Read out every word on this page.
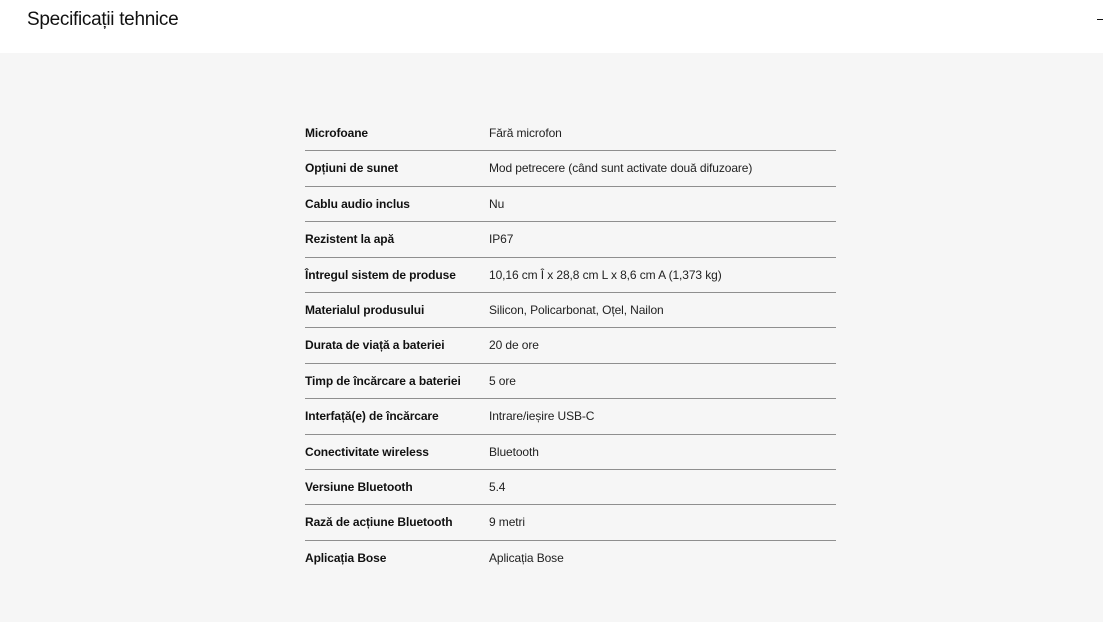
Specificații tehnice
Microfoane	Fără microfon
Opțiuni de sunet	Mod petrecere (când sunt activate două difuzoare)
Cablu audio inclus	Nu
Rezistent la apă	IP67
Întregul sistem de produse	10,16 cm Î x 28,8 cm L x 8,6 cm A (1,373 kg)
Materialul produsului	Silicon, Policarbonat, Oțel, Nailon
Durata de viață a bateriei	20 de ore
Timp de încărcare a bateriei 5 ore
Interfață(e) de încărcare	Intrare/ieșire USB-C
Conectivitate wireless	Bluetooth
Versiune Bluetooth	5.4
Rază de acțiune Bluetooth	9 metri
Aplicația Bose	Aplicația Bose
